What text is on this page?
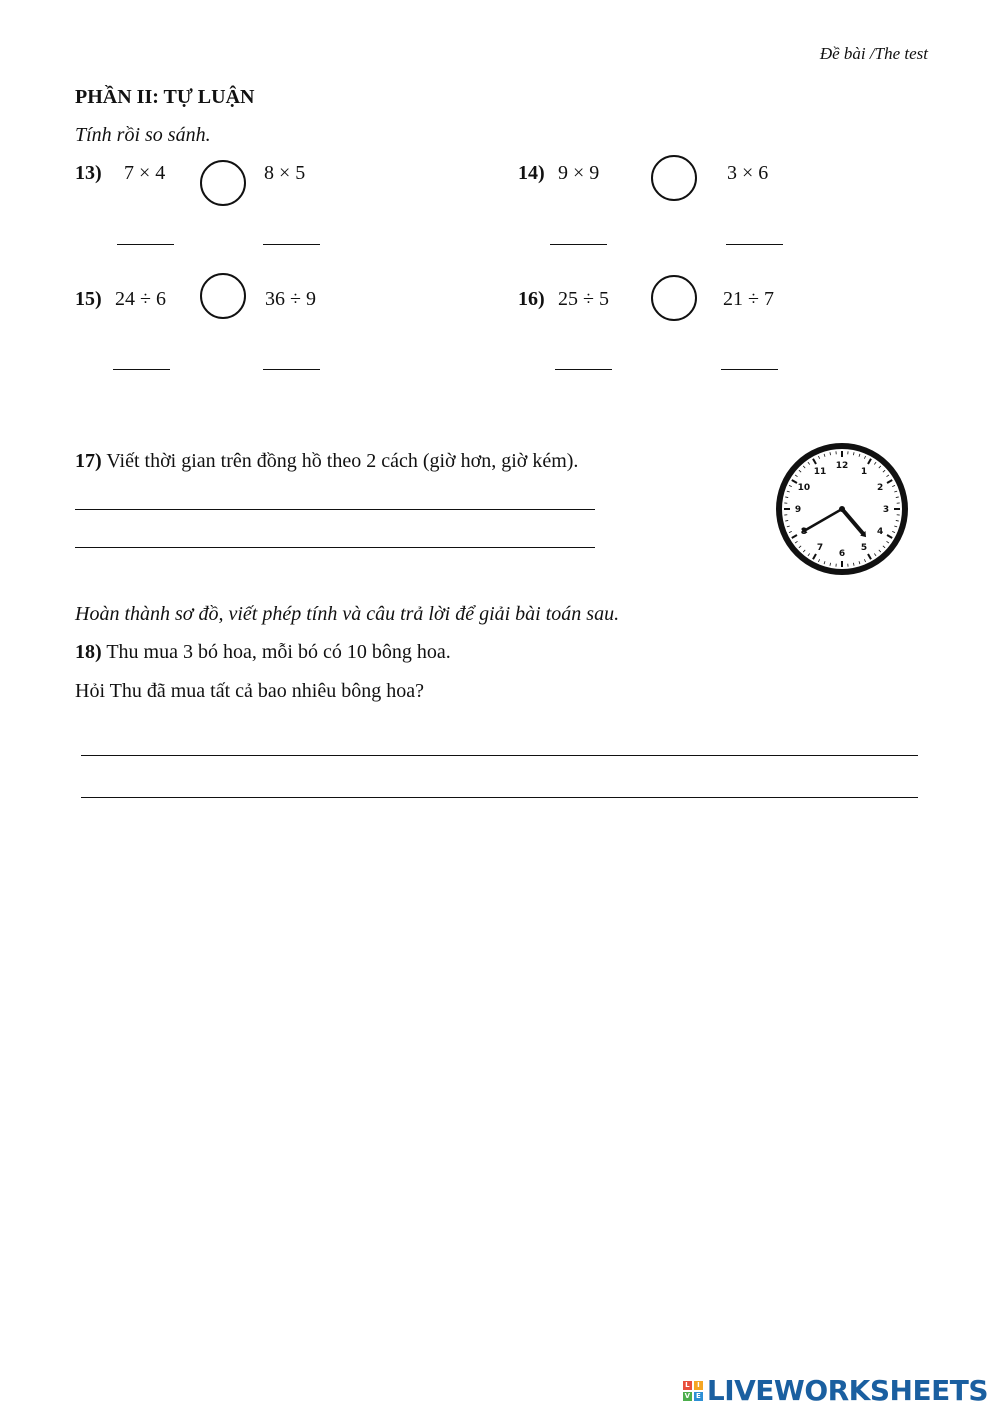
Đề bài /The test
PHẦN II: TỰ LUẬN
Tính rồi so sánh.
13) 7 × 4	8 × 5	14) 9 × 9	3 × 6
15) 24 ÷ 6	36 ÷ 9	16) 25 ÷ 5	21 ÷ 7
17) Viết thời gian trên đồng hồ theo 2 cách (giờ hơn, giờ kém).	12
1
2
3
4
5
6
7
9
10
11
Hoàn thành sơ đồ, viết phép tính và câu trả lời để giải bài toán sau.
18) Thu mua 3 bó hoa, mỗi bó có 10 bông hoa.
Hỏi Thu đã mua tất cả bao nhiêu bông hoa?
L	I
V E LIVEWORKSHEETS
